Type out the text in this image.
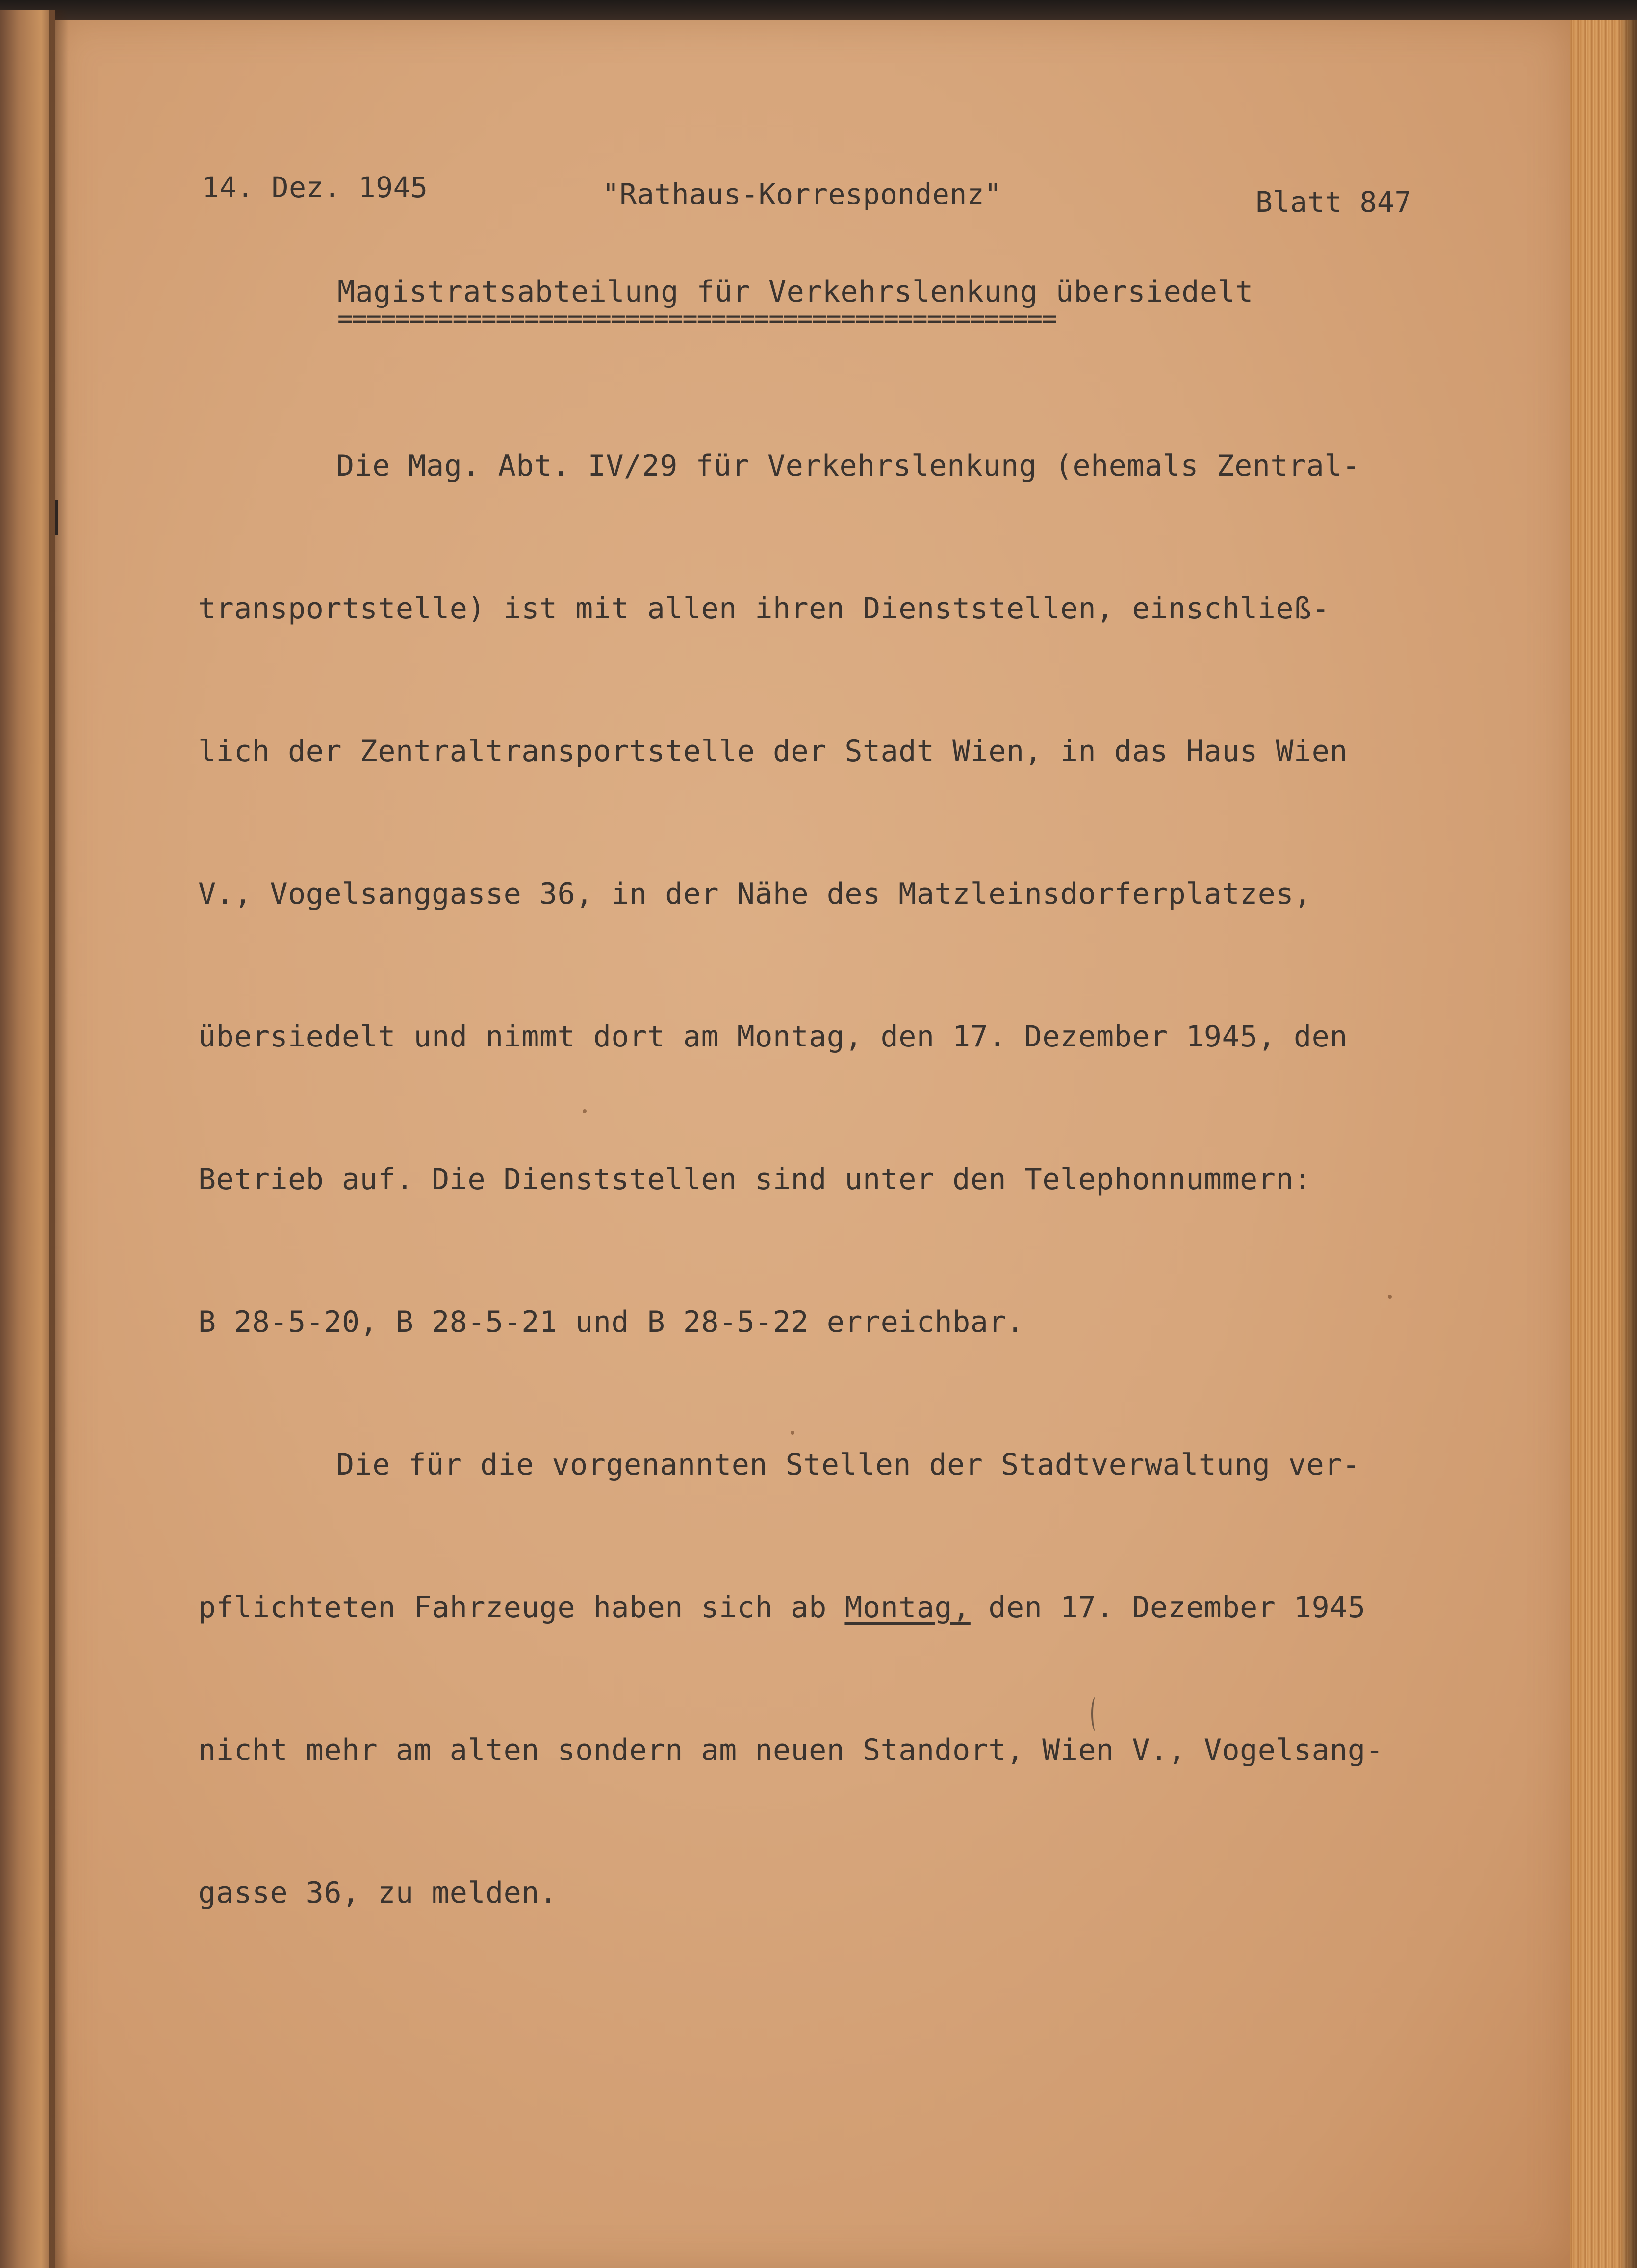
14. Dez. 1945	"Rathaus-Korrespondenz"	Blatt 847
Magistratsabteilung für Verkehrslenkung übersiedelt
==================================================

Die Mag. Abt. IV/29 für Verkehrslenkung (ehemals Zentral-

transportstelle) ist mit allen ihren Dienststellen, einschließ-

lich der Zentraltransportstelle der Stadt Wien, in das Haus Wien

V., Vogelsanggasse 36, in der Nähe des Matzleinsdorferplatzes,

übersiedelt und nimmt dort am Montag, den 17. Dezember 1945, den

Betrieb auf. Die Dienststellen sind unter den Telephonnummern:

B 28-5-20, B 28-5-21 und B 28-5-22 erreichbar.

Die für die vorgenannten Stellen der Stadtverwaltung ver-

pflichteten Fahrzeuge haben sich ab Montag, den 17. Dezember 1945

nicht mehr am alten sondern am neuen Standort, Wien V., Vogelsang-

gasse 36, zu melden.
